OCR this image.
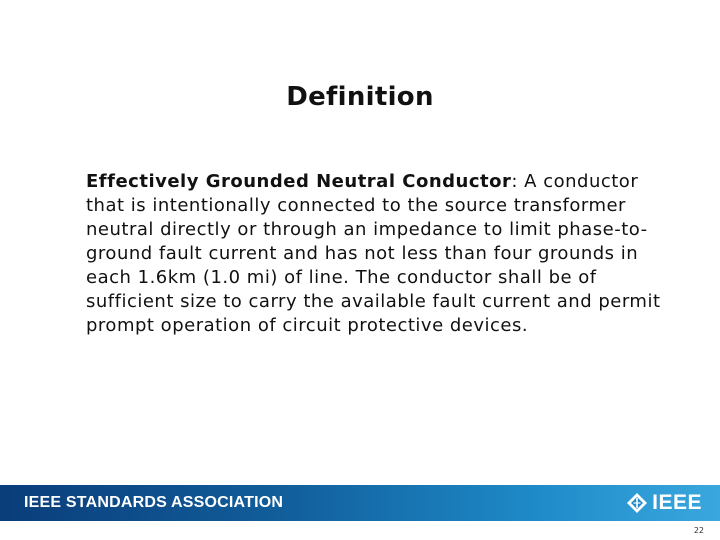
Definition
Effectively Grounded Neutral Conductor: A conductor that is intentionally connected to the source transformer neutral directly or through an impedance to limit phase-to-ground fault current and has not less than four grounds in each 1.6km (1.0 mi) of line. The conductor shall be of sufficient size to carry the available fault current and permit prompt operation of circuit protective devices.
IEEE STANDARDS ASSOCIATION	IEEE
22
